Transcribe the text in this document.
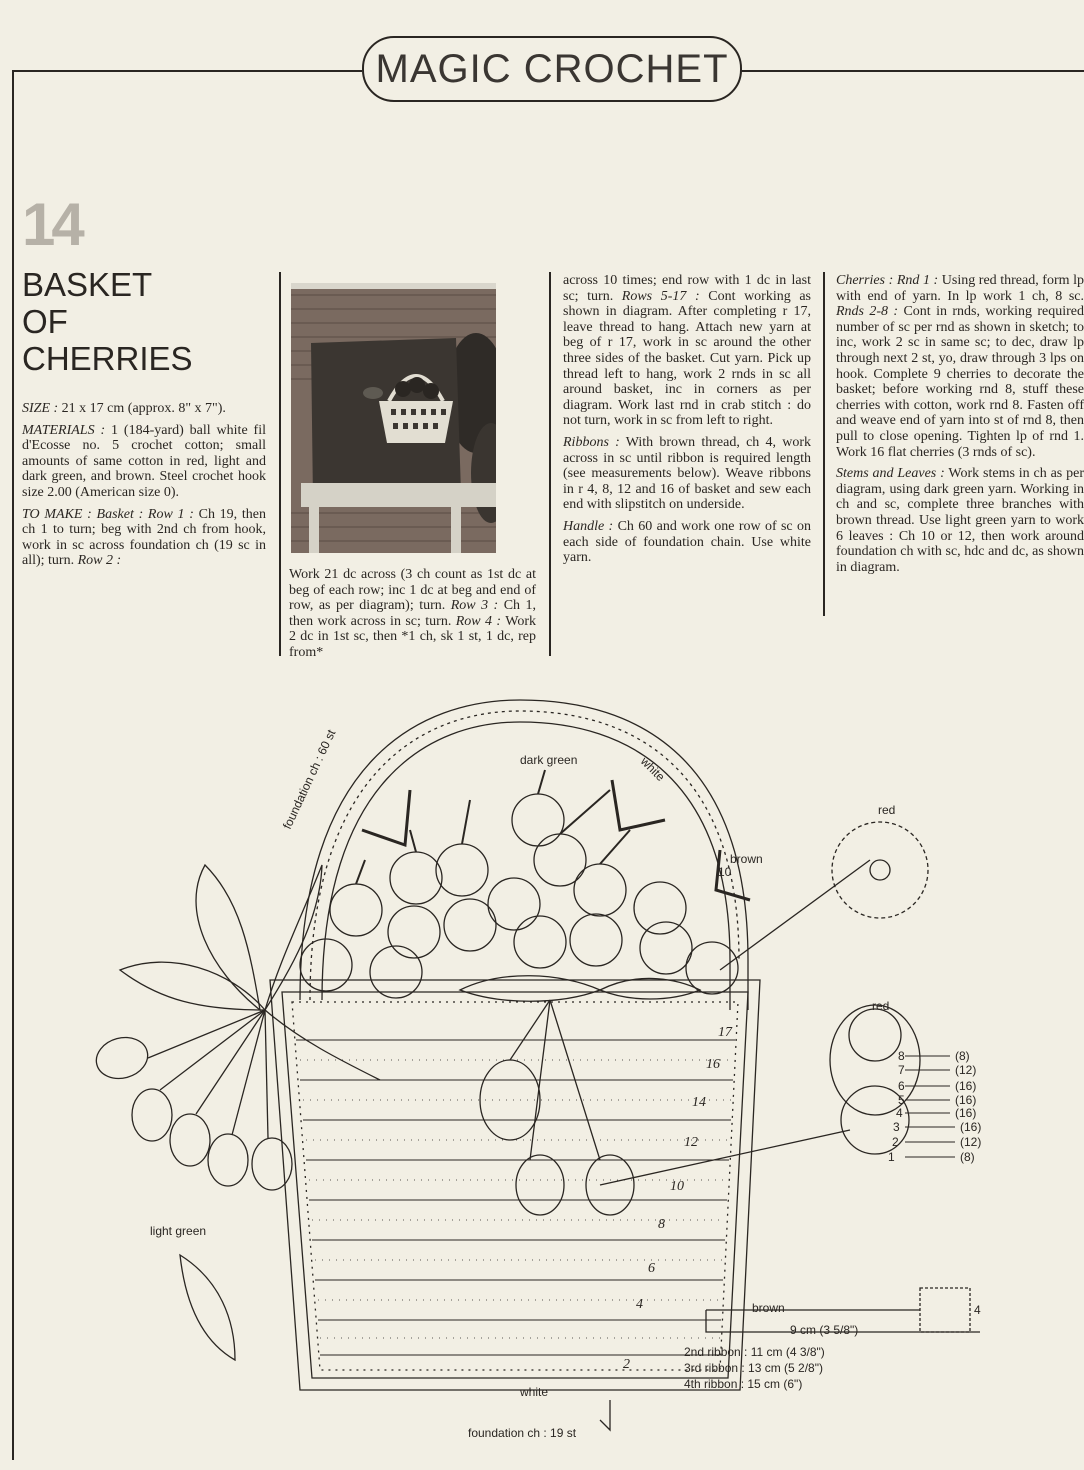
MAGIC CROCHET
14
BASKET
OF
CHERRIES

SIZE : 21 x 17 cm (approx. 8" x 7").

MATERIALS : 1 (184-yard) ball white fil d'Ecosse no. 5 crochet cotton; small amounts of same cotton in red, light and dark green, and brown. Steel crochet hook size 2.00 (American size 0).

TO MAKE : Basket : Row 1 : Ch 19, then ch 1 to turn; beg with 2nd ch from hook, work in sc across foundation ch (19 sc in all); turn. Row 2 :

Work 21 dc across (3 ch count as 1st dc at beg of each row; inc 1 dc at beg and end of row, as per diagram); turn. Row 3 : Ch 1, then work across in sc; turn. Row 4 : Work 2 dc in 1st sc, then *1 ch, sk 1 st, 1 dc, rep from*

across 10 times; end row with 1 dc in last sc; turn. Rows 5-17 : Cont working as shown in diagram. After completing r 17, leave thread to hang. Attach new yarn at beg of r 17, work in sc around the other three sides of the basket. Cut yarn. Pick up thread left to hang, work 2 rnds in sc all around basket, inc in corners as per diagram. Work last rnd in crab stitch : do not turn, work in sc from left to right.

Ribbons : With brown thread, ch 4, work across in sc until ribbon is required length (see measurements below). Weave ribbons in r 4, 8, 12 and 16 of basket and sew each end with slipstitch on underside.

Handle : Ch 60 and work one row of sc on each side of foundation chain. Use white yarn.

Cherries : Rnd 1 : Using red thread, form lp with end of yarn. In lp work 1 ch, 8 sc. Rnds 2-8 : Cont in rnds, working required number of sc per rnd as shown in sketch; to inc, work 2 sc in same sc; to dec, draw lp through next 2 st, yo, draw through 3 lps on hook. Complete 9 cherries to decorate the basket; before working rnd 8, stuff these cherries with cotton, work rnd 8. Fasten off and weave end of yarn into st of rnd 8, then pull to close opening. Tighten lp of rnd 1. Work 16 flat cherries (3 rnds of sc).

Stems and Leaves : Work stems in ch as per diagram, using dark green yarn. Working in ch and sc, complete three branches with brown thread. Use light green yarn to work 6 leaves : Ch 10 or 12, then work around foundation ch with sc, hdc and dc, as shown in diagram.

foundation ch : 60 st	white
dark green
brown
10
red
red
light green
white
foundation ch : 19 st
2
4
6
8
10
12
14
16
17
brown
9 cm (3 5/8")
2nd ribbon : 11 cm (4 3/8")
3rd ribbon : 13 cm (5 2/8")
4th ribbon : 15 cm (6")
4
(8)
(12)
(16)
(16)
(16)
(16)
(12)
(8)
8
7
6
5
4
3
2
1
